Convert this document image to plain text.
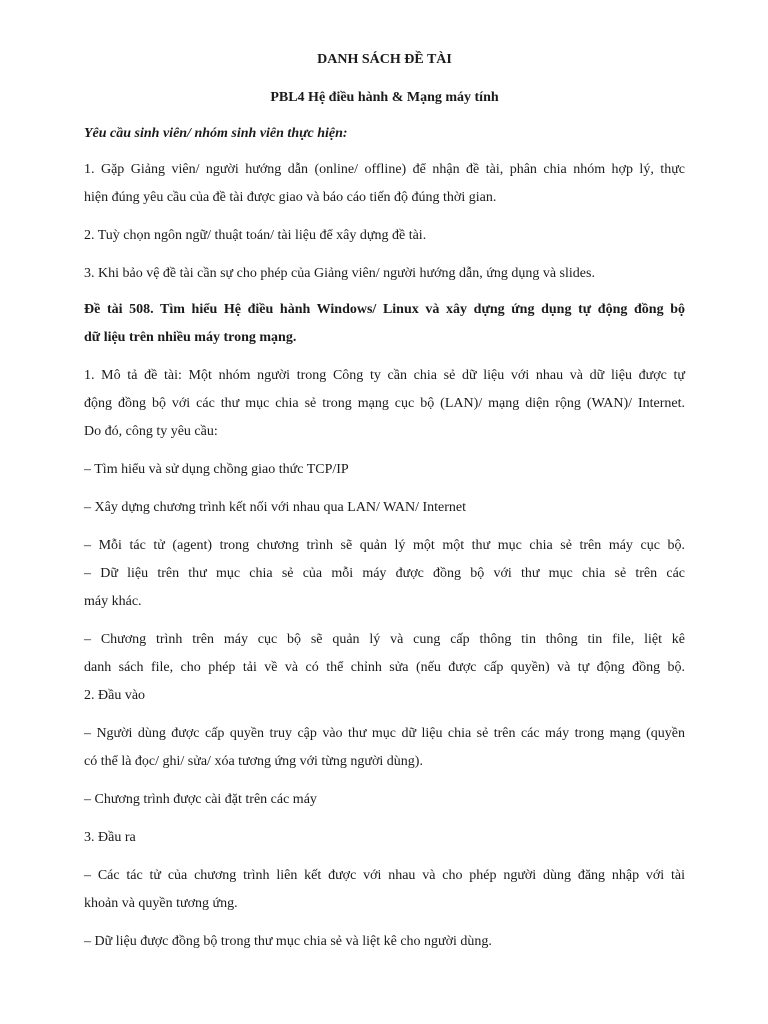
DANH SÁCH ĐỀ TÀI
PBL4 Hệ điều hành & Mạng máy tính

Yêu cầu sinh viên/ nhóm sinh viên thực hiện:

1. Gặp Giảng viên/ người hướng dẫn (online/ offline) để nhận đề tài, phân chia nhóm hợp lý, thực

hiện đúng yêu cầu của đề tài được giao và báo cáo tiến độ đúng thời gian.

2. Tuỳ chọn ngôn ngữ/ thuật toán/ tài liệu để xây dựng đề tài.

3. Khi bảo vệ đề tài cần sự cho phép của Giảng viên/ người hướng dẫn, ứng dụng và slides.

Đề tài 508. Tìm hiểu Hệ điều hành Windows/ Linux và xây dựng ứng dụng tự động đồng bộ

dữ liệu trên nhiều máy trong mạng.

1. Mô tả đề tài: Một nhóm người trong Công ty cần chia sẻ dữ liệu với nhau và dữ liệu được tự

động đồng bộ với các thư mục chia sẻ trong mạng cục bộ (LAN)/ mạng diện rộng (WAN)/ Internet.

Do đó, công ty yêu cầu:

– Tìm hiểu và sử dụng chồng giao thức TCP/IP

– Xây dựng chương trình kết nối với nhau qua LAN/ WAN/ Internet

– Mỗi tác tử (agent) trong chương trình sẽ quản lý một một thư mục chia sẻ trên máy cục bộ.

– Dữ liệu trên thư mục chia sẻ của mỗi máy được đồng bộ với thư mục chia sẻ trên các

máy khác.

– Chương trình trên máy cục bộ sẽ quản lý và cung cấp thông tin thông tin file, liệt kê

danh sách file, cho phép tải về và có thể chỉnh sửa (nếu được cấp quyền) và tự động đồng bộ.

2. Đầu vào

– Người dùng được cấp quyền truy cập vào thư mục dữ liệu chia sẻ trên các máy trong mạng (quyền

có thể là đọc/ ghi/ sửa/ xóa tương ứng với từng người dùng).

– Chương trình được cài đặt trên các máy

3. Đầu ra

– Các tác tử của chương trình liên kết được với nhau và cho phép người dùng đăng nhập với tài

khoản và quyền tương ứng.

– Dữ liệu được đồng bộ trong thư mục chia sẻ và liệt kê cho người dùng.
